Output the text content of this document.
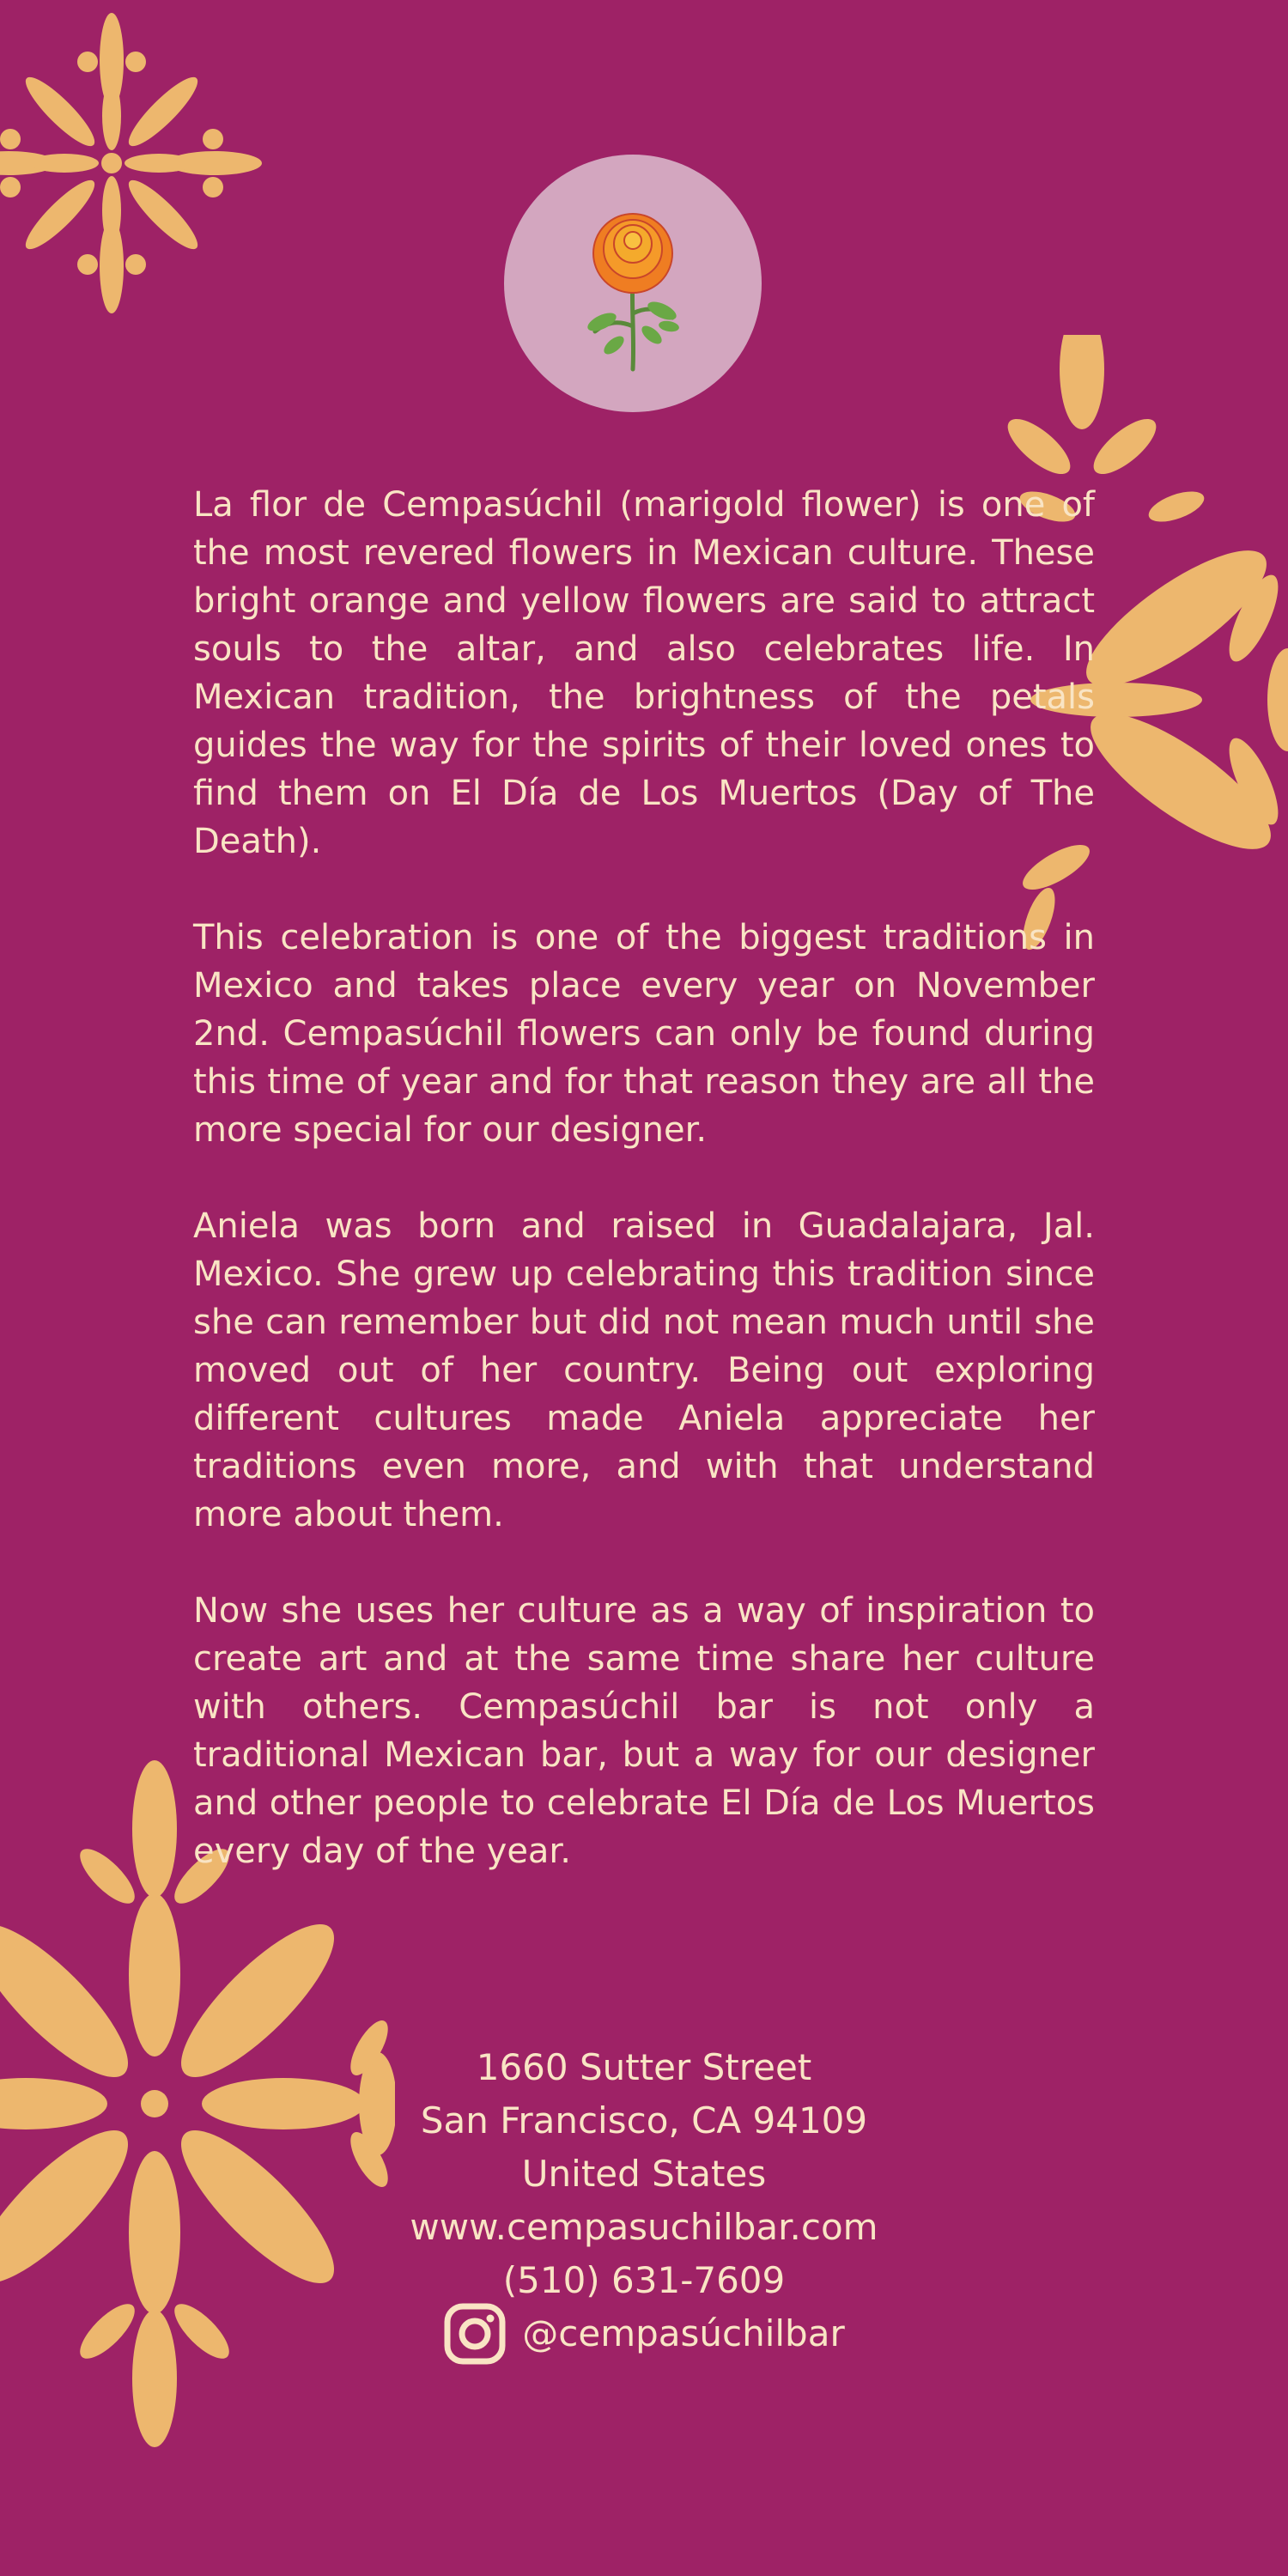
La flor de Cempasúchil (marigold flower) is one of the most revered flowers in Mexican culture. These bright orange and yellow flowers are said to attract souls to the altar, and also celebrates life. In Mexican tradition, the brightness of the petals guides the way for the spirits of their loved ones to find them on El Día de Los Muertos (Day of The Death).

This celebration is one of the biggest traditions in Mexico and takes place every year on November 2nd. Cempasúchil flowers can only be found during this time of year and for that reason they are all the more special for our designer.

Aniela was born and raised in Guadalajara, Jal. Mexico. She grew up celebrating this tradition since she can remember but did not mean much until she moved out of her country. Being out exploring different cultures made Aniela appreciate her traditions even more, and with that understand more about them.

Now she uses her culture as a way of inspiration to create art and at the same time share her culture with others. Cempasúchil bar is not only a traditional Mexican bar, but a way for our designer and other people to celebrate El Día de Los Muertos every day of the year.

1660 Sutter Street
San Francisco, CA 94109
United States
www.cempasuchilbar.com
(510) 631-7609
@cempasúchilbar
